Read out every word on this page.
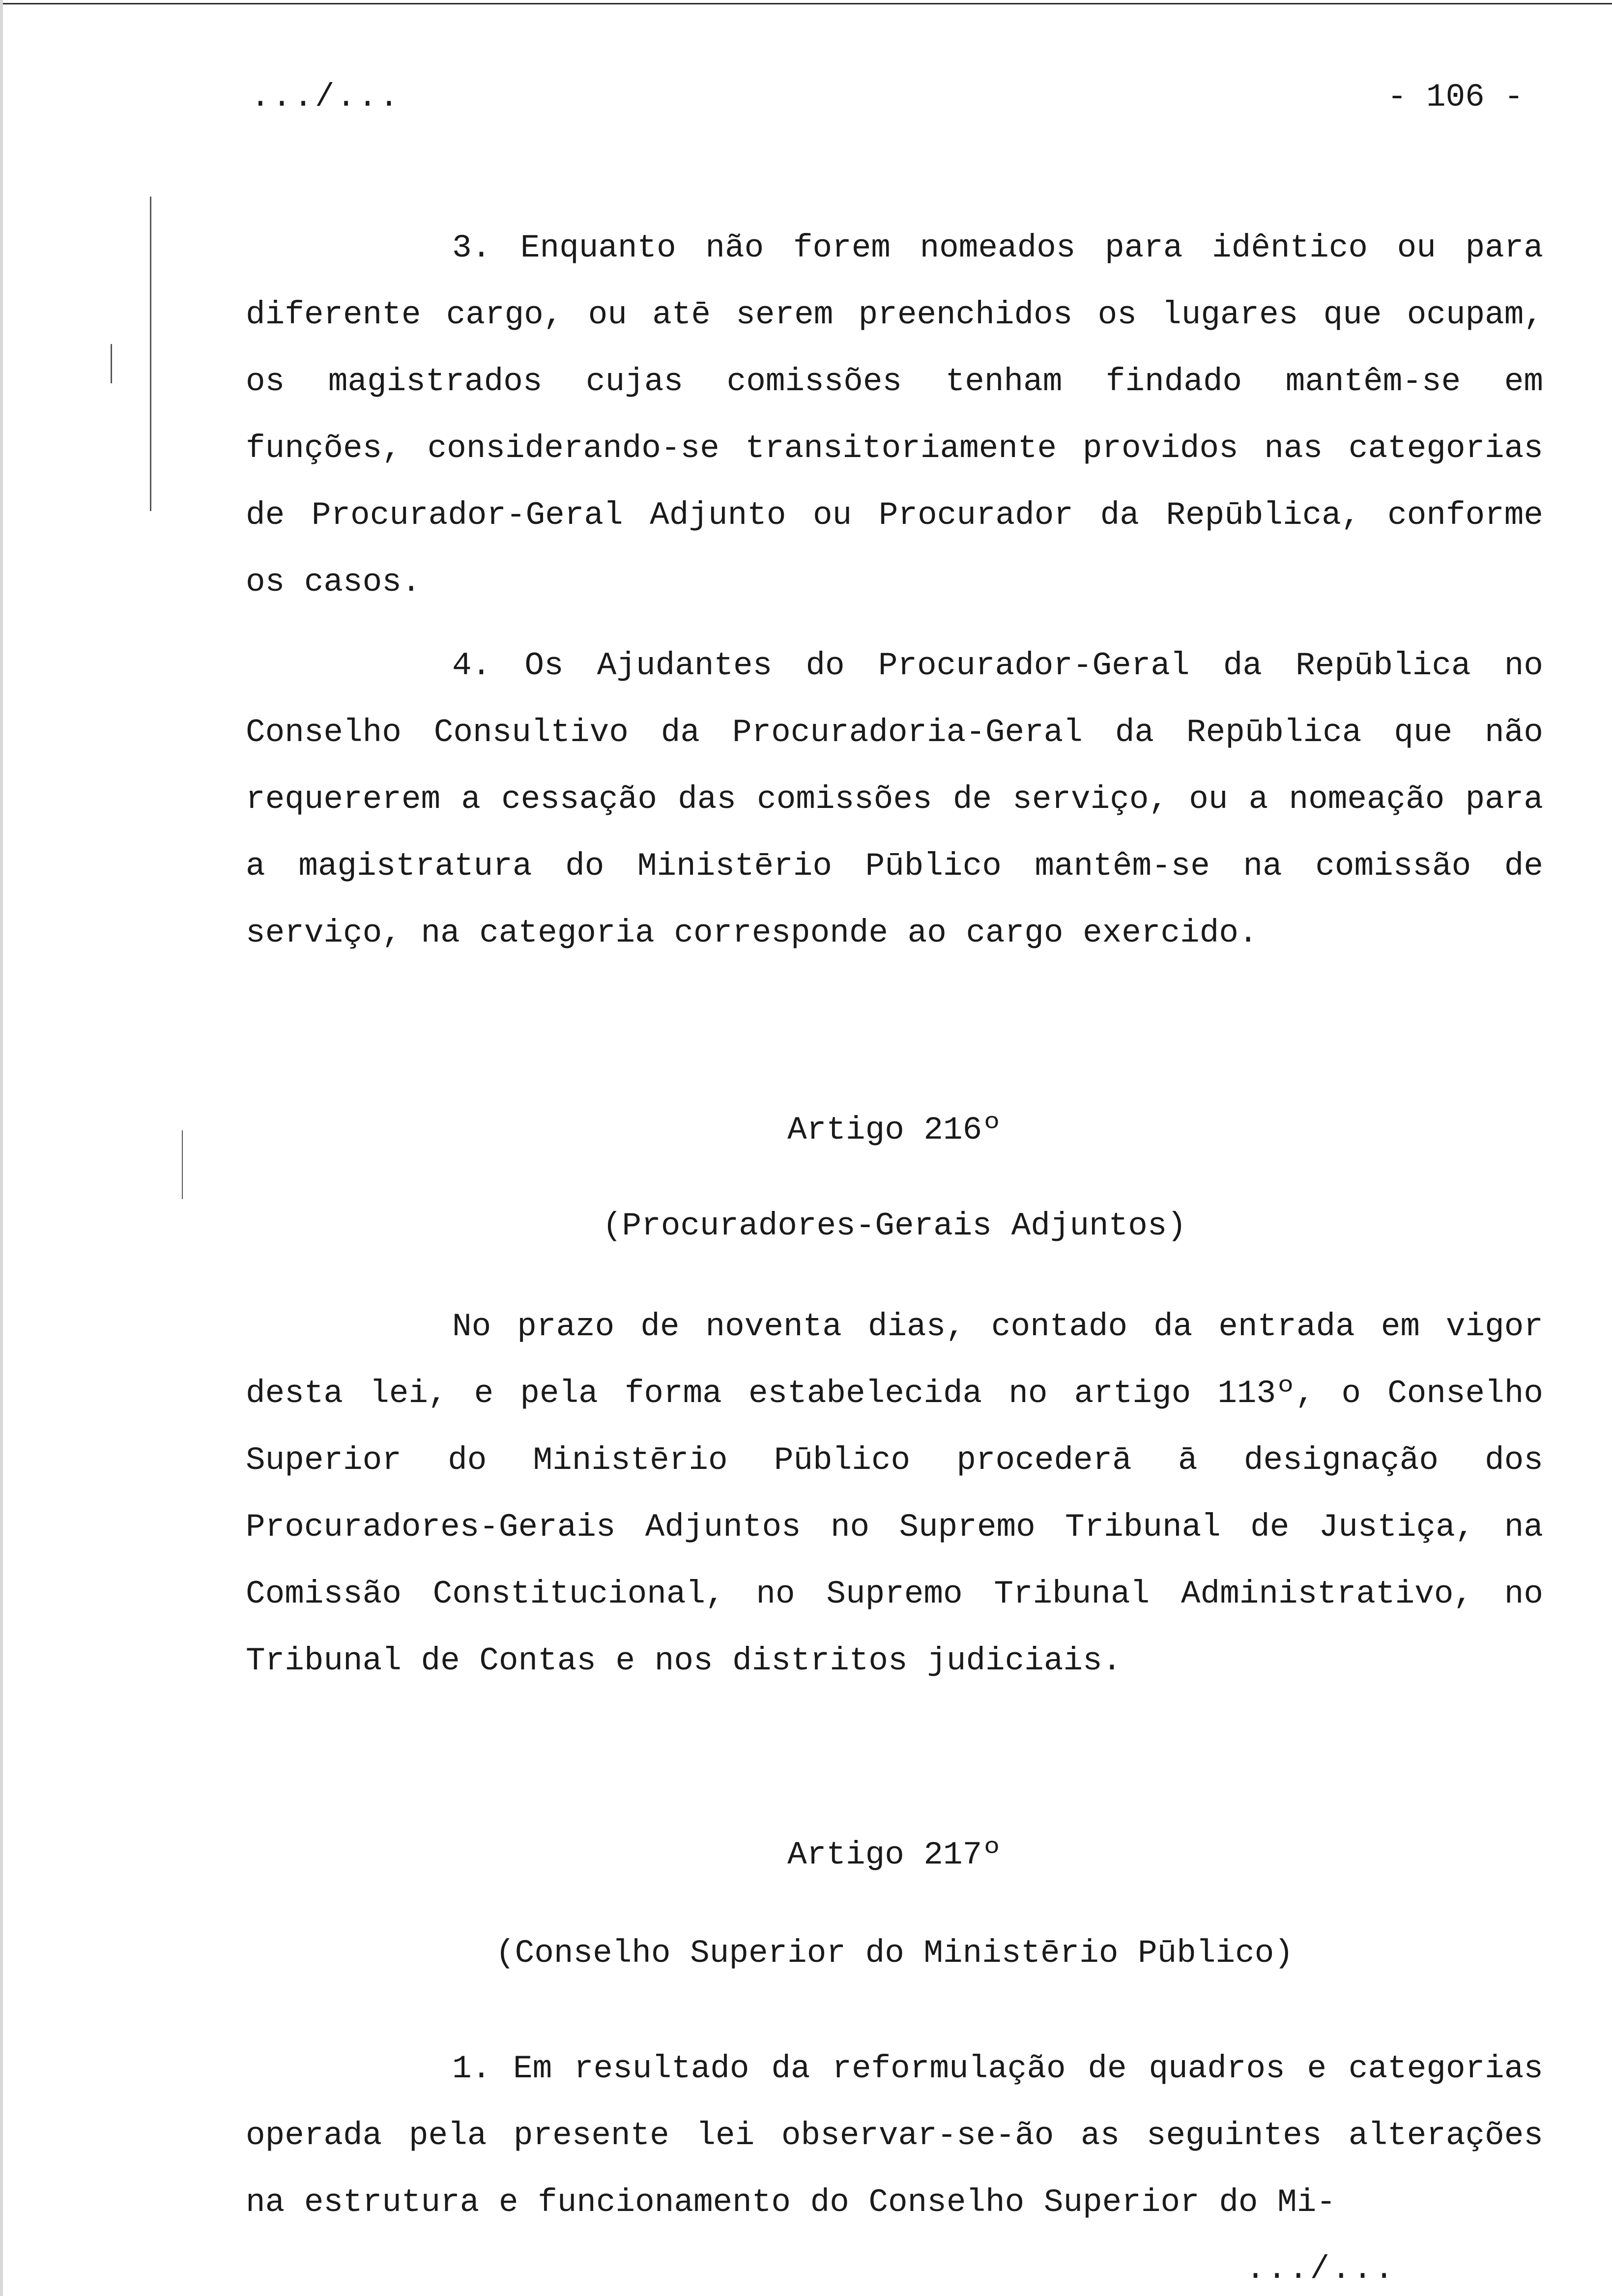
.../...	- 106 -

3. Enquanto não forem nomeados para idêntico ou para diferente cargo, ou atē serem preenchidos os lugares que ocupam, os magistrados cujas comissões tenham findado mantêm-se em funções, considerando-se transitoriamente providos nas categorias de Procurador-Geral Adjunto ou Procurador da Repūblica, conforme os casos.

4. Os Ajudantes do Procurador-Geral da Repūblica no Conselho Consultivo da Procuradoria-Geral da Repūblica que não requererem a cessação das comissões de serviço, ou a nomeação para a magistratura do Ministērio Pūblico mantêm-se na comissão de serviço, na categoria corresponde ao cargo exercido.

Artigo 216º
(Procuradores-Gerais Adjuntos)

No prazo de noventa dias, contado da entrada em vigor desta lei, e pela forma estabelecida no artigo 113º, o Conselho Superior do Ministērio Pūblico procederā ā designação dos Procuradores-Gerais Adjuntos no Supremo Tribunal de Justiça, na Comissão Constitucional, no Supremo Tribunal Administrativo, no Tribunal de Contas e nos distritos judiciais.

Artigo 217º
(Conselho Superior do Ministērio Pūblico)

1. Em resultado da reformulação de quadros e categorias operada pela presente lei observar-se-ão as seguintes alterações na estrutura e funcionamento do Conselho Superior do Mi-

.../...
